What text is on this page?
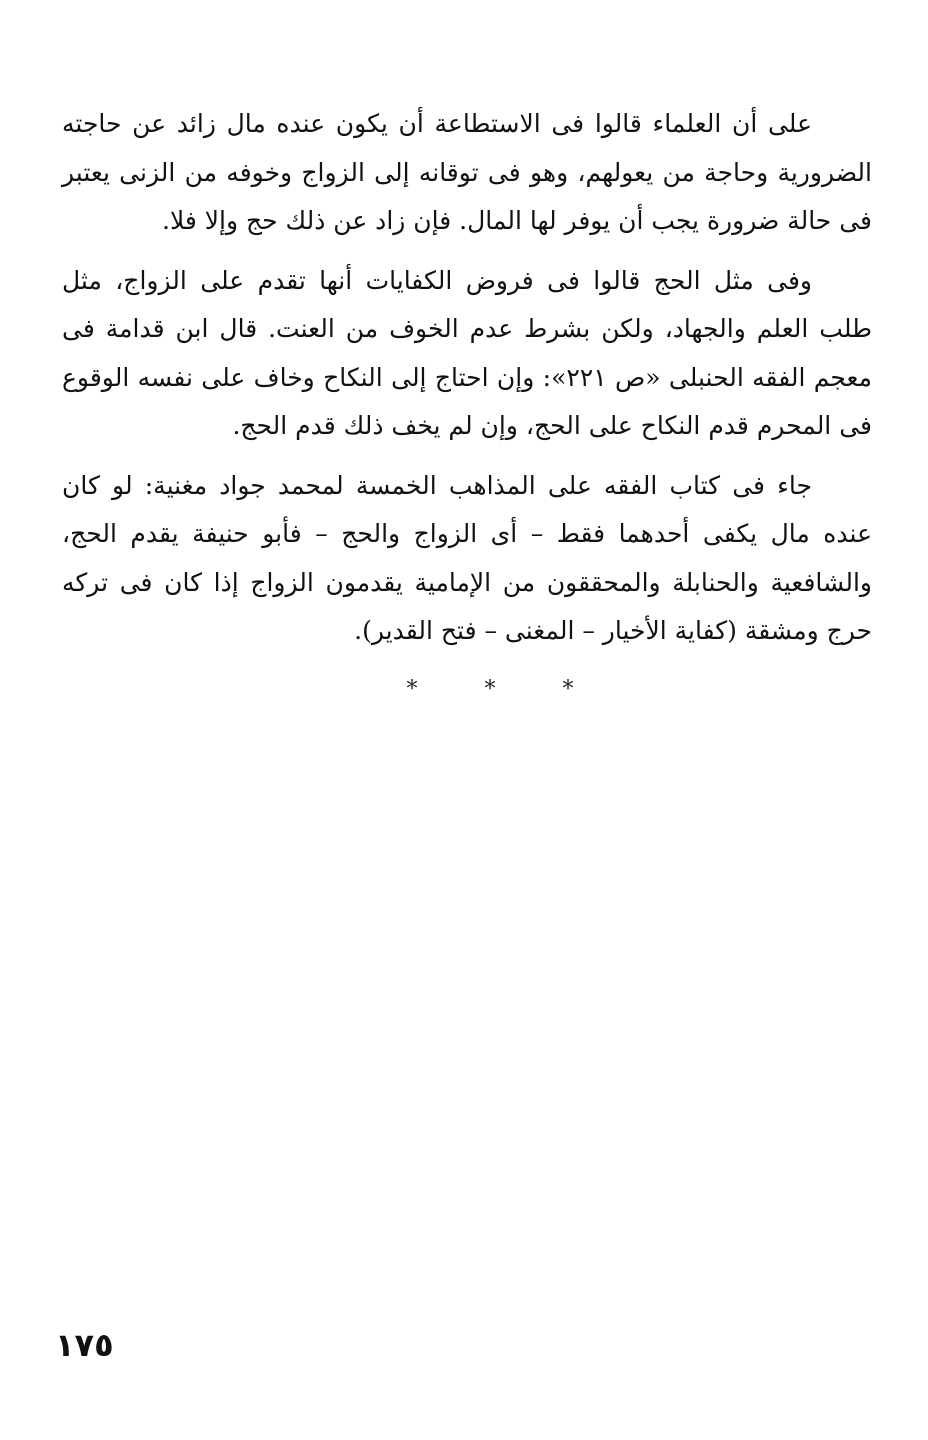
على أن العلماء قالوا فى الاستطاعة أن يكون عنده مال زائد عن حاجته الضرورية وحاجة من يعولهم، وهو فى توقانه إلى الزواج وخوفه من الزنى يعتبر فى حالة ضرورة يجب أن يوفر لها المال. فإن زاد عن ذلك حج وإلا فلا.

وفى مثل الحج قالوا فى فروض الكفايات أنها تقدم على الزواج، مثل طلب العلم والجهاد، ولكن بشرط عدم الخوف من العنت. قال ابن قدامة فى معجم الفقه الحنبلى «ص ٢٢١»: وإن احتاج إلى النكاح وخاف على نفسه الوقوع فى المحرم قدم النكاح على الحج، وإن لم يخف ذلك قدم الحج.

جاء فى كتاب الفقه على المذاهب الخمسة لمحمد جواد مغنية: لو كان عنده مال يكفى أحدهما فقط – أى الزواج والحج – فأبو حنيفة يقدم الحج، والشافعية والحنابلة والمحققون من الإمامية يقدمون الزواج إذا كان فى تركه حرج ومشقة (كفاية الأخيار – المغنى – فتح القدير).

*	*	*
١٧٥
